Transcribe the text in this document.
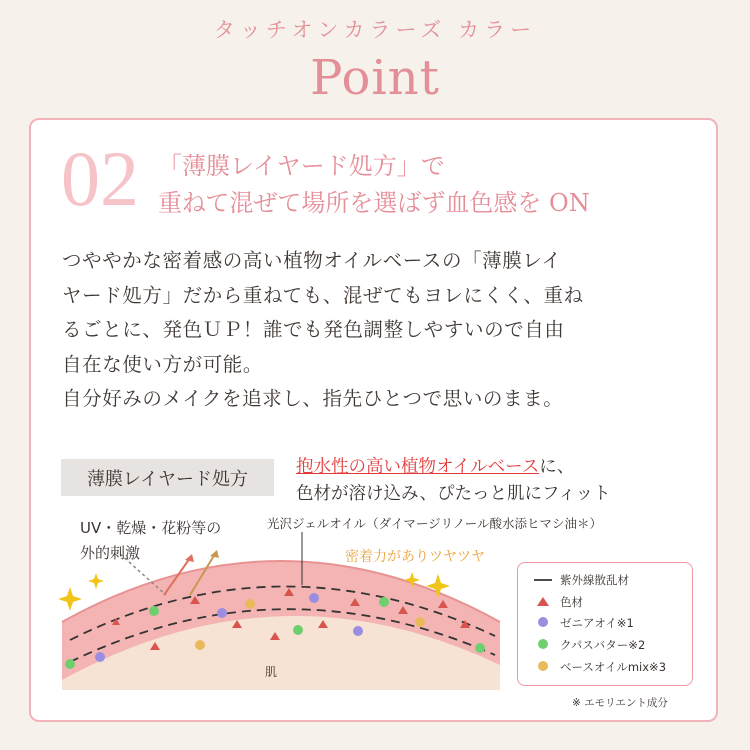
タッチオンカラーズ カラー
Point
02 「薄膜レイヤード処方」で
重ねて混ぜて場所を選ばず血色感を ON
つややかな密着感の高い植物オイルベースの「薄膜レイ
ヤード処方」だから重ねても、混ぜてもヨレにくく、重ね
るごとに、発色ＵＰ！誰でも発色調整しやすいので自由
自在な使い方が可能。
自分好みのメイクを追求し、指先ひとつで思いのまま。
薄膜レイヤード処方
抱水性の高い植物オイルベースに、
色材が溶け込み、ぴたっと肌にフィット
光沢ジェルオイル（ダイマージリノール酸水添ヒマシ油＊）
UV・乾燥・花粉等の
外的刺激	密着力がありツヤツヤ
肌
紫外線散乱材
色材
ゼニアオイ※1
クパスバター※2
ベースオイルmix※3
※ エモリエント成分
